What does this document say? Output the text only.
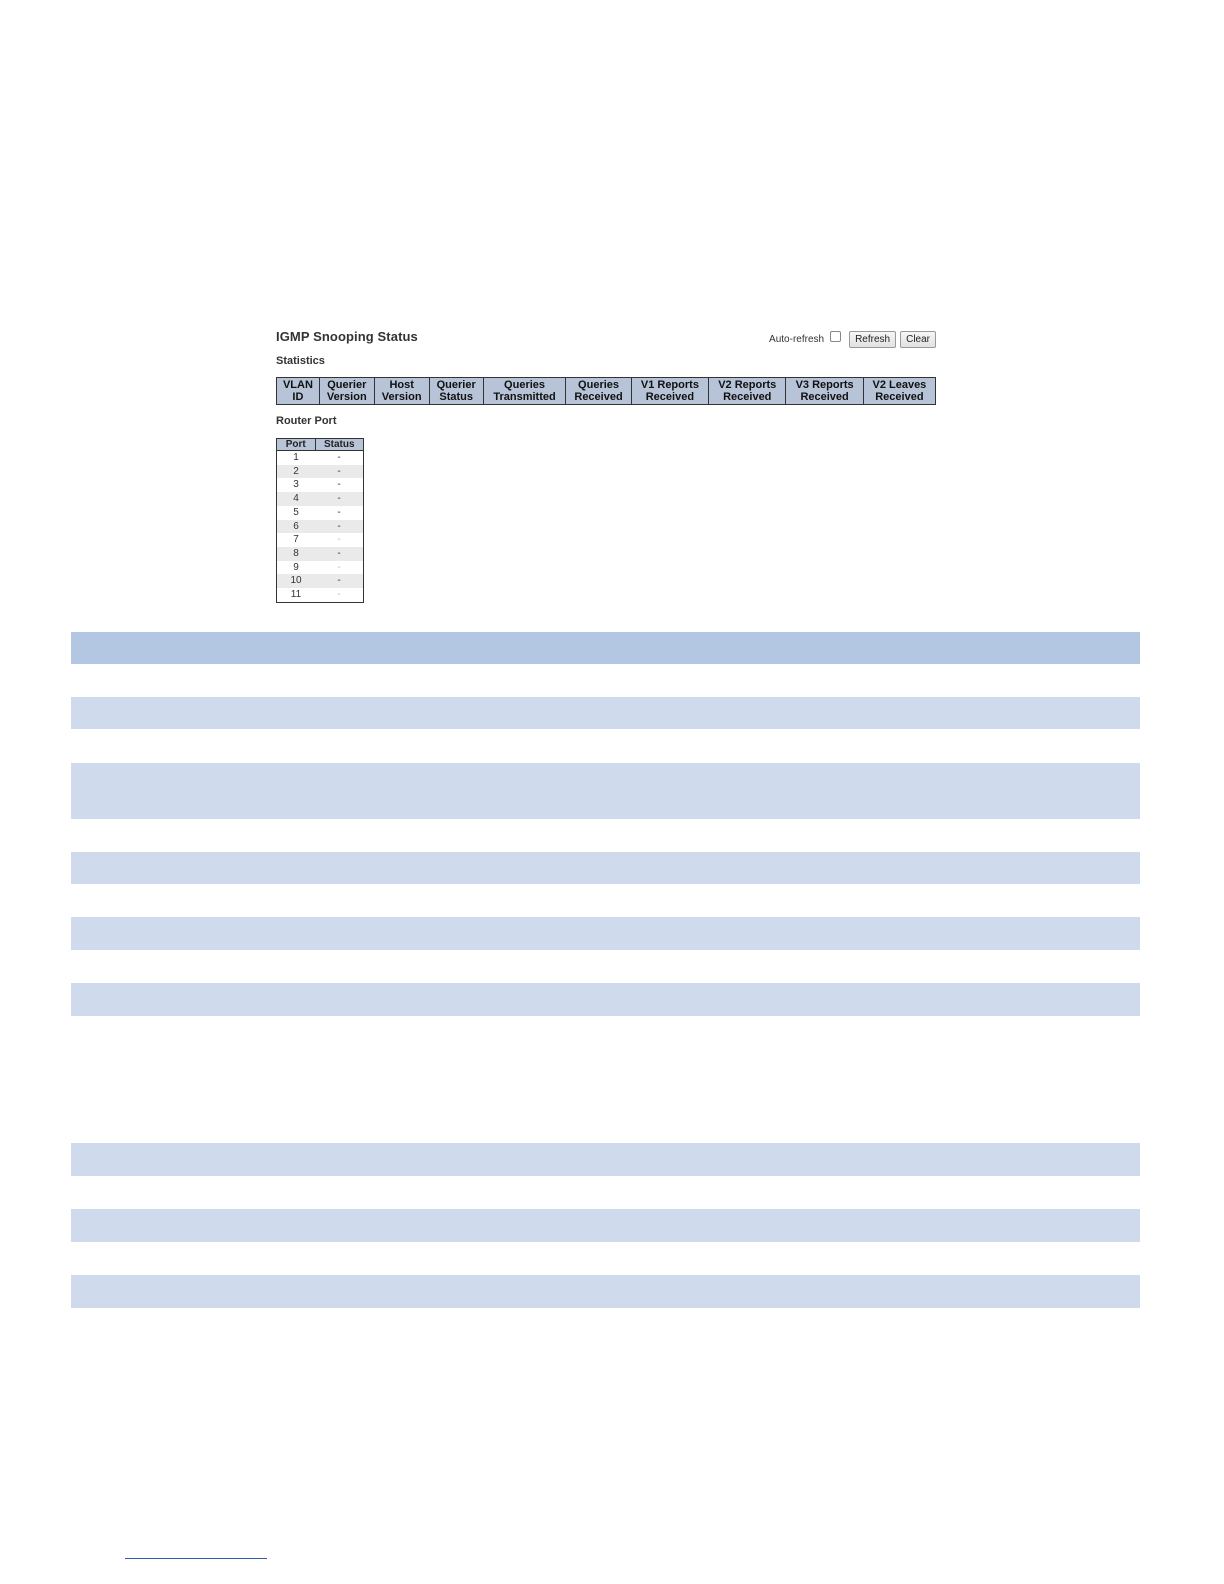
IGMP Snooping Status	Auto-refresh	Refresh	Clear
Statistics
VLAN
ID

Querier
Version

Host
Version

Querier
Status

Queries
Transmitted

Queries
Received

V1 Reports
Received

V2 Reports
Received

V3 Reports
Received

V2 Leaves
Received
Router Port
Port	Status
1	-
2	-
3	-
4	-
5	-
6	-
7	-
8	-
9	-
10	-
11	-
